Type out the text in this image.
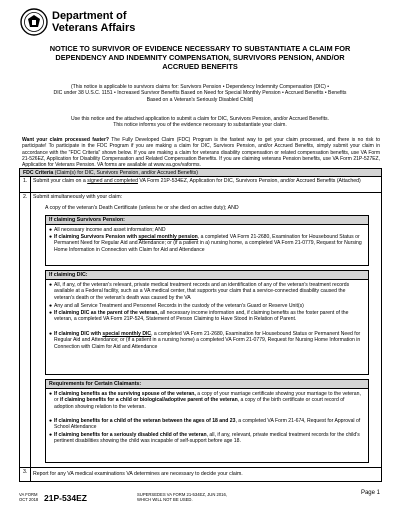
Department of
Veterans Affairs
NOTICE TO SURVIVOR OF EVIDENCE NECESSARY TO SUBSTANTIATE A CLAIM FOR
DEPENDENCY AND INDEMNITY COMPENSATION, SURVIVORS PENSION, AND/OR
ACCRUED BENEFITS
(This notice is applicable to survivors claims for: Survivors Pension • Dependency Indemnity Compensation (DIC) •
DIC under 38 U.S.C. 1151 • Increased Survivor Benefits Based on Need for Special Monthly Pension • Accrued Benefits • Benefits
Based on a Veteran's Seriously Disabled Child)
Use this notice and the attached application to submit a claim for DIC, Survivors Pension, and/or Accrued Benefits.
This notice informs you of the evidence necessary to substantiate your claim.
Want your claim processed faster? The Fully Developed Claim (FDC) Program is the fastest way to get your claim processed, and there is no risk to participate! To participate in the FDC Program if you are making a claim for DIC, Survivors Pension, and/or Accrued Benefits, simply submit your claim in accordance with the "FDC Criteria" shown below. If you are making a claim for veterans disability compensation or related compensation benefits, use VA Form 21-526EZ, Application for Disability Compensation and Related Compensation Benefits. If you are claiming veterans Pension benefits, use VA Form 21P-527EZ, Application for Veterans Pension. VA forms are available at www.va.gov/vaforms.
FDC Criteria (Claim(s) for DIC, Survivors Pension, and/or Accrued Benefits)
1. Submit your claim on a signed and completed VA Form 21P-534EZ, Application for DIC, Survivors Pension, and/or Accrued Benefits (Attached)
2. Submit simultaneously with your claim:
A copy of the veteran's Death Certificate (unless he or she died on active duty); AND
If claiming Survivors Pension:
● All necessary income and asset information; AND
● If claiming Survivors Pension with special monthly pension, a completed VA Form 21-2680, Examination for Housebound Status or Permanent Need for Regular Aid and Attendance; or (if a patient in a) nursing home, a completed VA Form 21-0779, Request for Nursing Home Information in Connection with Claim for Aid and Attendance
If claiming DIC:
● All, if any, of the veteran's relevant, private medical treatment records and an identification of any of the veteran's treatment records available at a Federal facility, such as a VA medical center, that supports your claim that a service-connected disability caused the veteran's death or the veteran's death was caused by the VA
● Any and all Service Treatment and Personnel Records in the custody of the veteran's Guard or Reserve Unit(s)
● If claiming DIC as the parent of the veteran, all necessary income information and, if claiming benefits as the foster parent of the veteran, a completed VA Form 21P-524, Statement of Person Claiming to Have Stood in Relation of Parent.
● If claiming DIC with special monthly DIC, a completed VA Form 21-2680, Examination for Housebound Status or Permanent Need for Regular Aid and Attendance; or (if a patient in a nursing home) a completed VA Form 21-0779, Request for Nursing Home Information in Connection with Claim for Aid and Attendance
Requirements for Certain Claimants:
● If claiming benefits as the surviving spouse of the veteran, a copy of your marriage certificate showing your marriage to the veteran, or if claiming benefits for a child or biological/adoptive parent of the veteran, a copy of the birth certificate or court record of adoption showing relation to the veteran.
● If claiming benefits for a child of the veteran between the ages of 18 and 23, a completed VA Form 21-674, Request for Approval of School Attendance
● If claiming benefits for a seriously disabled child of the veteran, all, if any, relevant, private medical treatment records for the child's pertinent disabilities showing the child was incapable of self-support before age 18.
3. Report for any VA medical examinations VA determines are necessary to decide your claim.
VA FORM
OCT 2018 21P-534EZ	SUPERSEDES VA FORM 21-534EZ, JUN 2016,
WHICH WILL NOT BE USED.
Page 1
